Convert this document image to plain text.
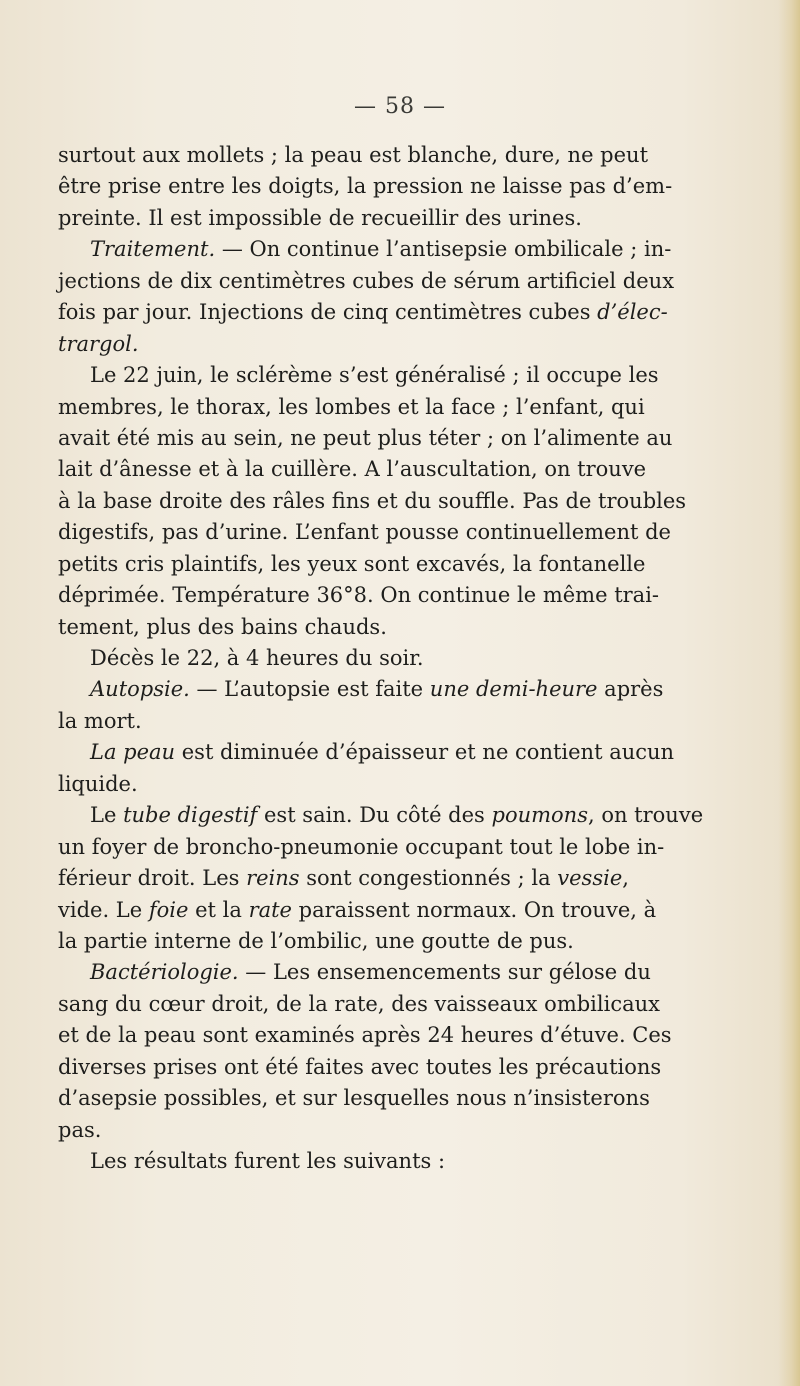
— 58 —
surtout aux mollets ; la peau est blanche, dure, ne peut
être prise entre les doigts, la pression ne laisse pas d’em-
preinte. Il est impossible de recueillir des urines.
Traitement. — On continue l’antisepsie ombilicale ; in-
jections de dix centimètres cubes de sérum artificiel deux
fois par jour. Injections de cinq centimètres cubes d’élec-
trargol.
Le 22 juin, le sclérème s’est généralisé ; il occupe les
membres, le thorax, les lombes et la face ; l’enfant, qui
avait été mis au sein, ne peut plus téter ; on l’alimente au
lait d’ânesse et à la cuillère. A l’auscultation, on trouve
à la base droite des râles fins et du souffle. Pas de troubles
digestifs, pas d’urine. L’enfant pousse continuellement de
petits cris plaintifs, les yeux sont excavés, la fontanelle
déprimée. Température 36°8. On continue le même trai-
tement, plus des bains chauds.
Décès le 22, à 4 heures du soir.
Autopsie. — L’autopsie est faite une demi-heure après
la mort.
La peau est diminuée d’épaisseur et ne contient aucun
liquide.
Le tube digestif est sain. Du côté des poumons, on trouve
un foyer de broncho-pneumonie occupant tout le lobe in-
férieur droit. Les reins sont congestionnés ; la vessie,
vide. Le foie et la rate paraissent normaux. On trouve, à
la partie interne de l’ombilic, une goutte de pus.
Bactériologie. — Les ensemencements sur gélose du
sang du cœur droit, de la rate, des vaisseaux ombilicaux
et de la peau sont examinés après 24 heures d’étuve. Ces
diverses prises ont été faites avec toutes les précautions
d’asepsie possibles, et sur lesquelles nous n’insisterons
pas.
Les résultats furent les suivants :
